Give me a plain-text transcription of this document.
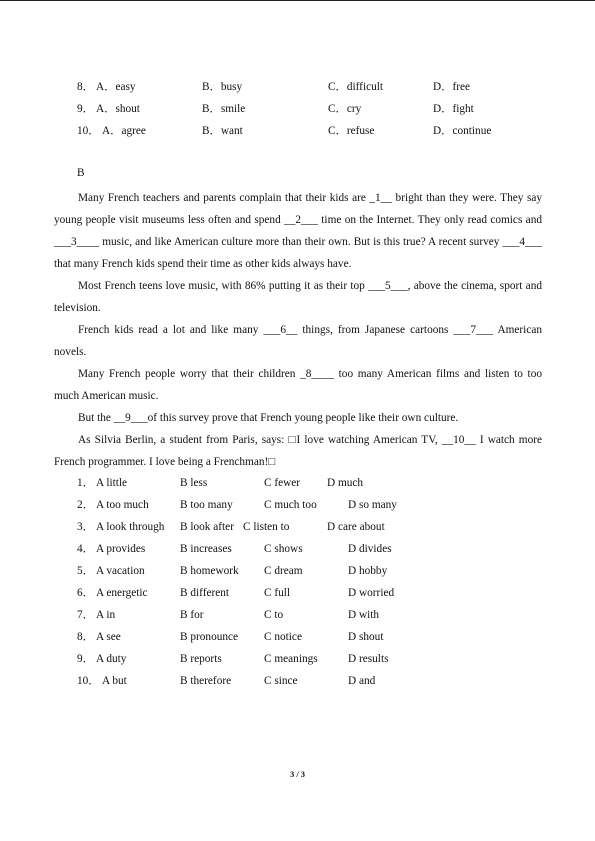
8． A．easy	B．busy	C．difficult	D．free
9． A．shout	B．smile	C．cry	D．fight
10． A．agree	B．want	C．refuse	D．continue
B
Many French teachers and parents complain that their kids are _1__ bright than they were. They say young people visit museums less often and spend __2___ time on the Internet. They only read comics and ___3____ music, and like American culture more than their own. But is this true? A recent survey ___4___ that many French kids spend their time as other kids always have.
Most French teens love music, with 86% putting it as their top ___5___, above the cinema, sport and television.
French kids read a lot and like many ___6__ things, from Japanese cartoons ___7___ American novels.
Many French people worry that their children _8____ too many American films and listen to too much American music.
But the __9___of this survey prove that French young people like their own culture.
As Silvia Berlin, a student from Paris, says: □I love watching American TV, __10__ I watch more French programmer. I love being a Frenchman!□
1． A little	B less	C fewer D much
2． A too much	B too many	C much too	D so many
3． A look through B look after C listen to	D care about
4． A provides	B increases	C shows	D divides
5． A vacation	B homework C dream	D hobby
6． A energetic	B different	C full	D worried
7． A in	B for	C to	D with
8． A see	B pronounce C notice	D shout
9． A duty	B reports	C meanings	D results
10． A but	B therefore	C since	D and
3 / 3
